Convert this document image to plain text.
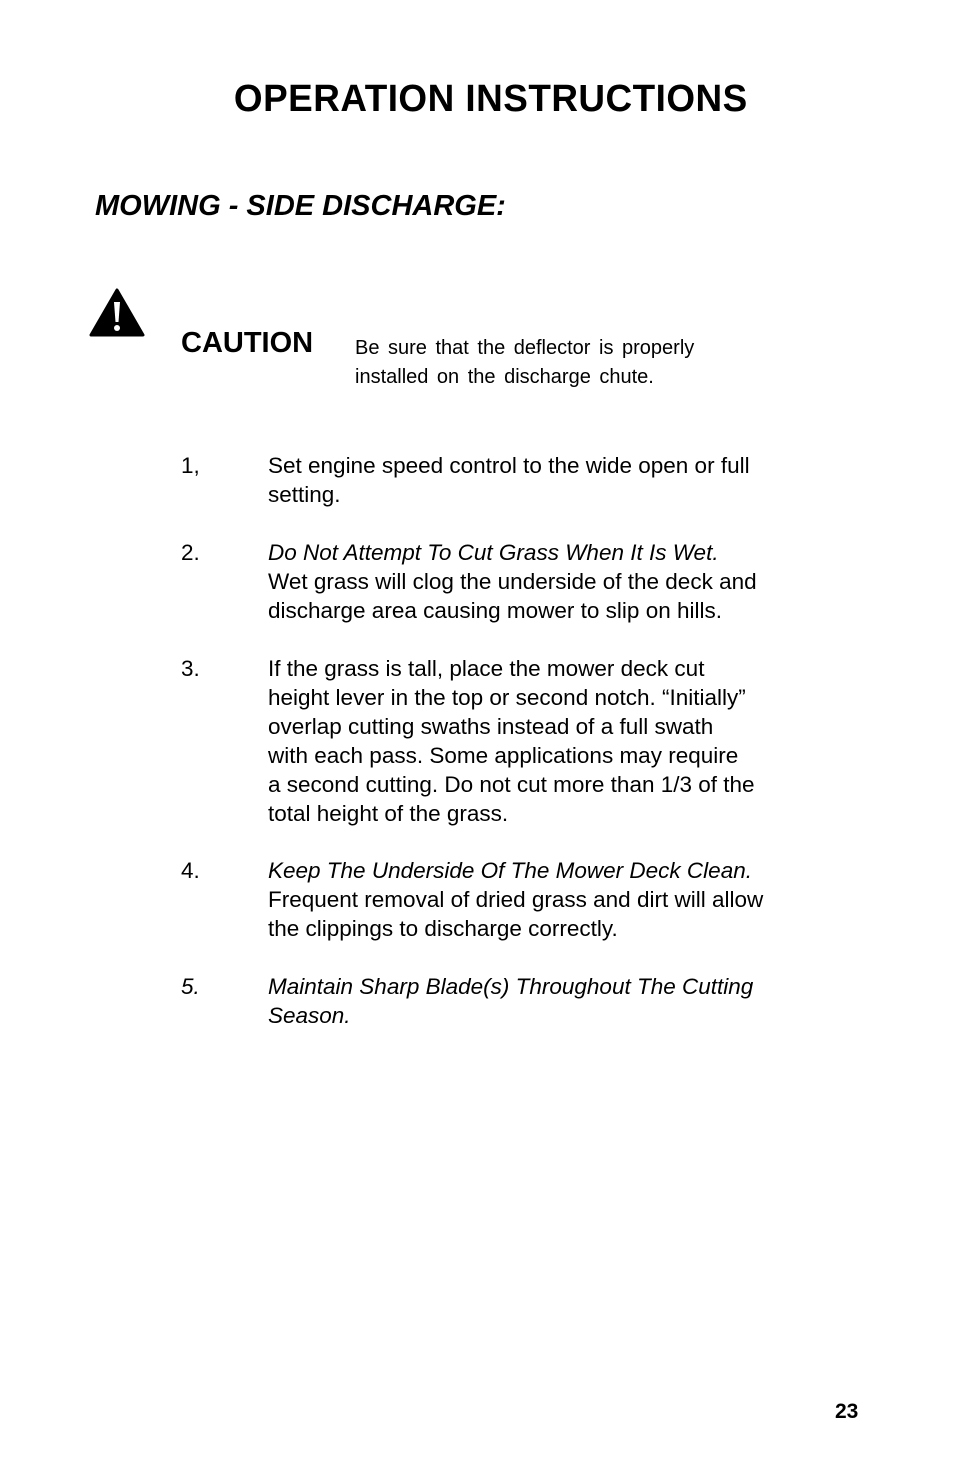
OPERATION INSTRUCTIONS
MOWING - SIDE DISCHARGE:
CAUTION Be sure that the deflector is properly
installed on the discharge chute.
1,	Set engine speed control to the wide open or full
setting.
2.	Do Not Attempt To Cut Grass When It Is Wet.
Wet grass will clog the underside of the deck and
discharge area causing mower to slip on hills.
3.	If the grass is tall, place the mower deck cut
height lever in the top or second notch. “Initially”
overlap cutting swaths instead of a full swath
with each pass. Some applications may require
a second cutting. Do not cut more than 1/3 of the
total height of the grass.
4.	Keep The Underside Of The Mower Deck Clean.
Frequent removal of dried grass and dirt will allow
the clippings to discharge correctly.
5.	Maintain Sharp Blade(s) Throughout The Cutting
Season.
23
